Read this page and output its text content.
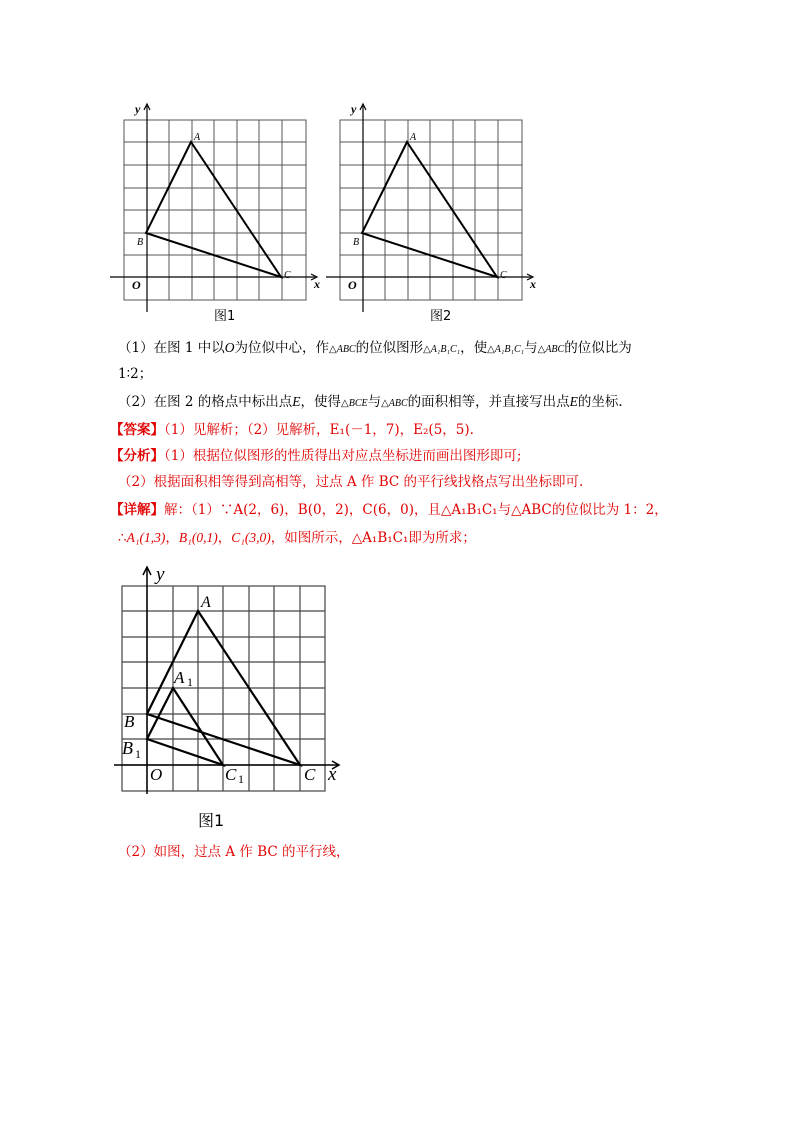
y
x
O
A
B
C
图1
y
x
O
A
B
C
图2
（1）在图 1 中以O为位似中心，作△ABC的位似图形△A₁B₁C₁，使△A₁B₁C₁与△ABC的位似比为
1∶2；
（2）在图 2 的格点中标出点E，使得△BCE与△ABC的面积相等，并直接写出点E的坐标.
【答案】（1）见解析；（2）见解析，E₁(－1，7)，E₂(5，5).
【分析】（1）根据位似图形的性质得出对应点坐标进而画出图形即可;
（2）根据面积相等得到高相等，过点 A 作 BC 的平行线找格点写出坐标即可.
【详解】解：（1）∵A(2，6)，B(0，2)，C(6，0)，且△A₁B₁C₁与△ABC的位似比为 1：2，
∴A₁(1,3)，B₁(0,1)，C₁(3,0)，如图所示，△A₁B₁C₁即为所求；
y
x
O
A
B
C
A 1
B 1
C 1
图1
（2）如图，过点 A 作 BC 的平行线，
